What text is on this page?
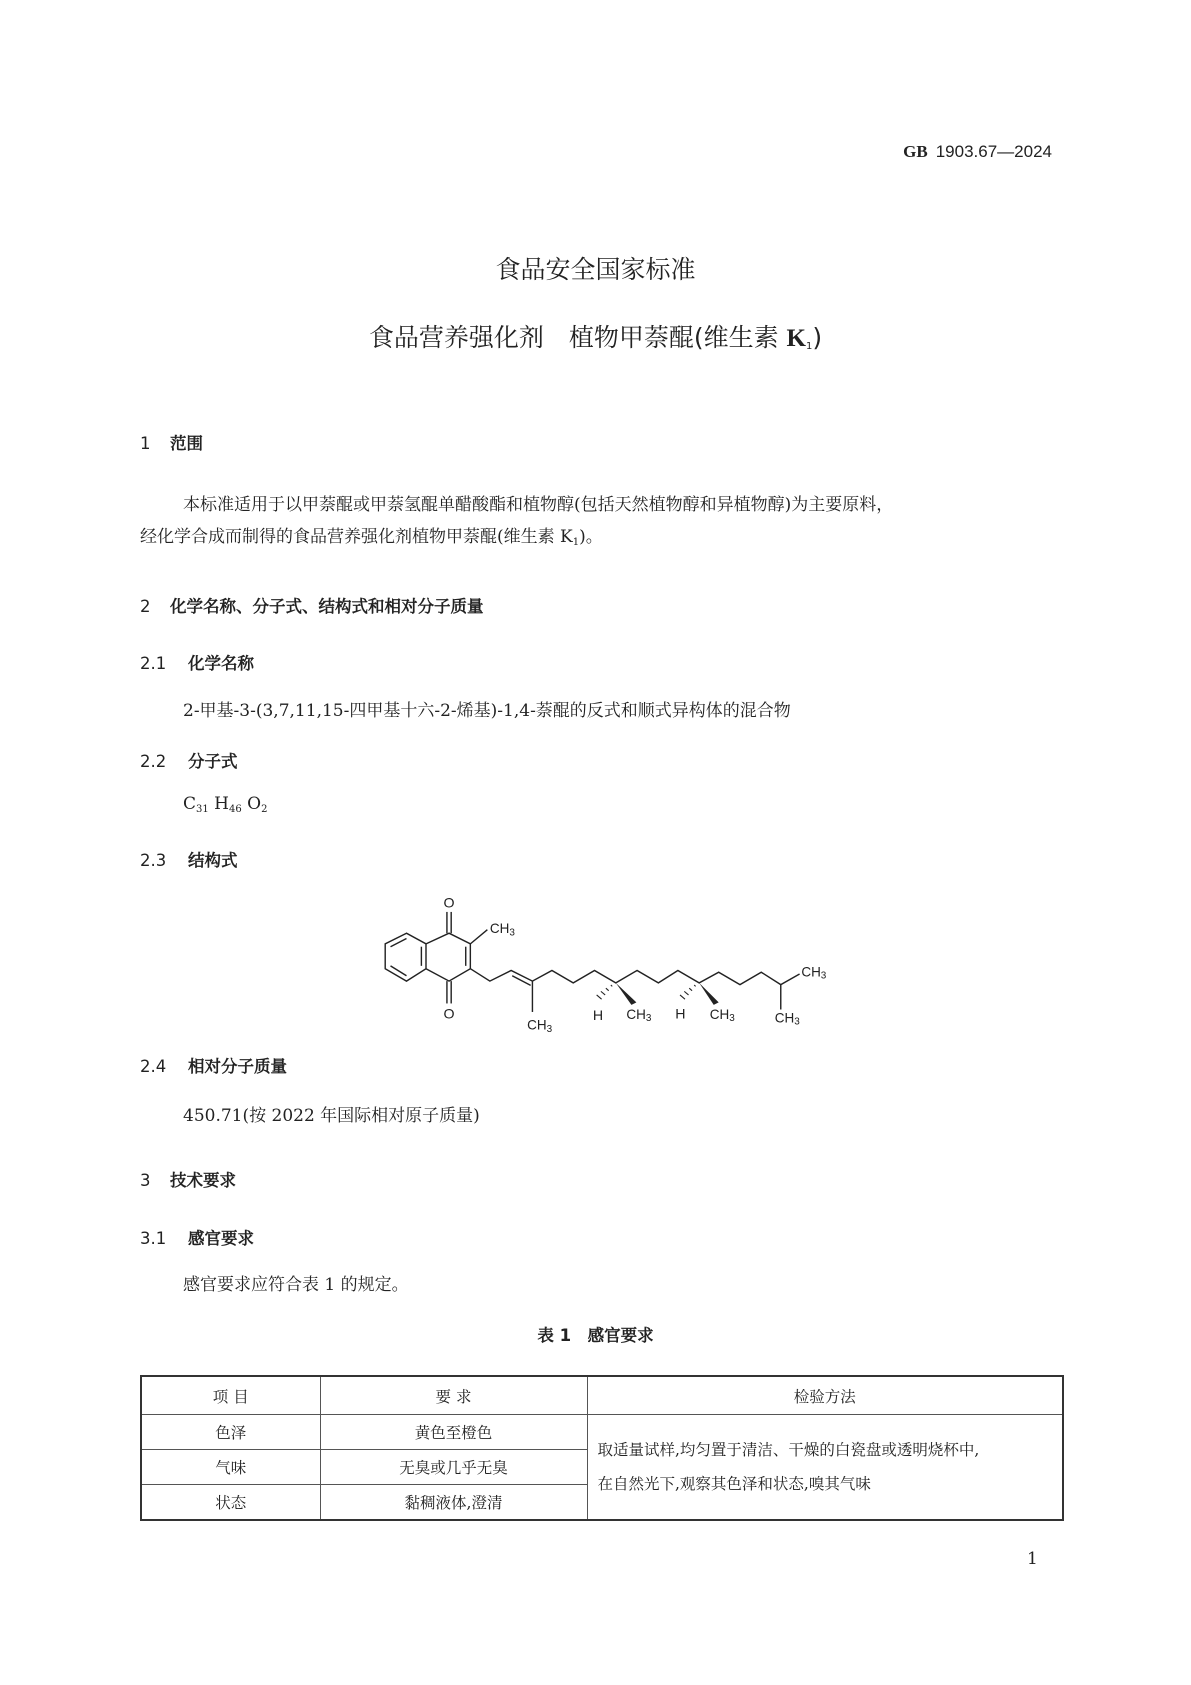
GB 1903.67—2024
食品安全国家标准
食品营养强化剂　植物甲萘醌(维生素 $K_1$)
1 范围
本标准适用于以甲萘醌或甲萘氢醌单醋酸酯和植物醇(包括天然植物醇和异植物醇)为主要原料，
经化学合成而制得的食品营养强化剂植物甲萘醌(维生素 $K_1$)。
2 化学名称、分子式、结构式和相对分子质量
2.1 化学名称
2-甲基-3-(3,7,11,15-四甲基十六-2-烯基)-1,4-萘醌的反式和顺式异构体的混合物
2.2 分子式
$C_{31}$ $H_{46}$ $O_2$
2.3 结构式
O
O	H H
CH3
CH3
CH3 CH3
CH3
CH3
2.4 相对分子质量
450.71(按 2022 年国际相对原子质量)
3 技术要求
3.1 感官要求
感官要求应符合表 1 的规定。
表 1　感官要求
项 目	要 求	检验方法
色泽	黄色至橙色	取适量试样,均匀置于清洁、干燥的白瓷盘或透明烧杯中,
在自然光下,观察其色泽和状态,嗅其气味

气味	无臭或几乎无臭	
状态	黏稠液体,澄清	
1
